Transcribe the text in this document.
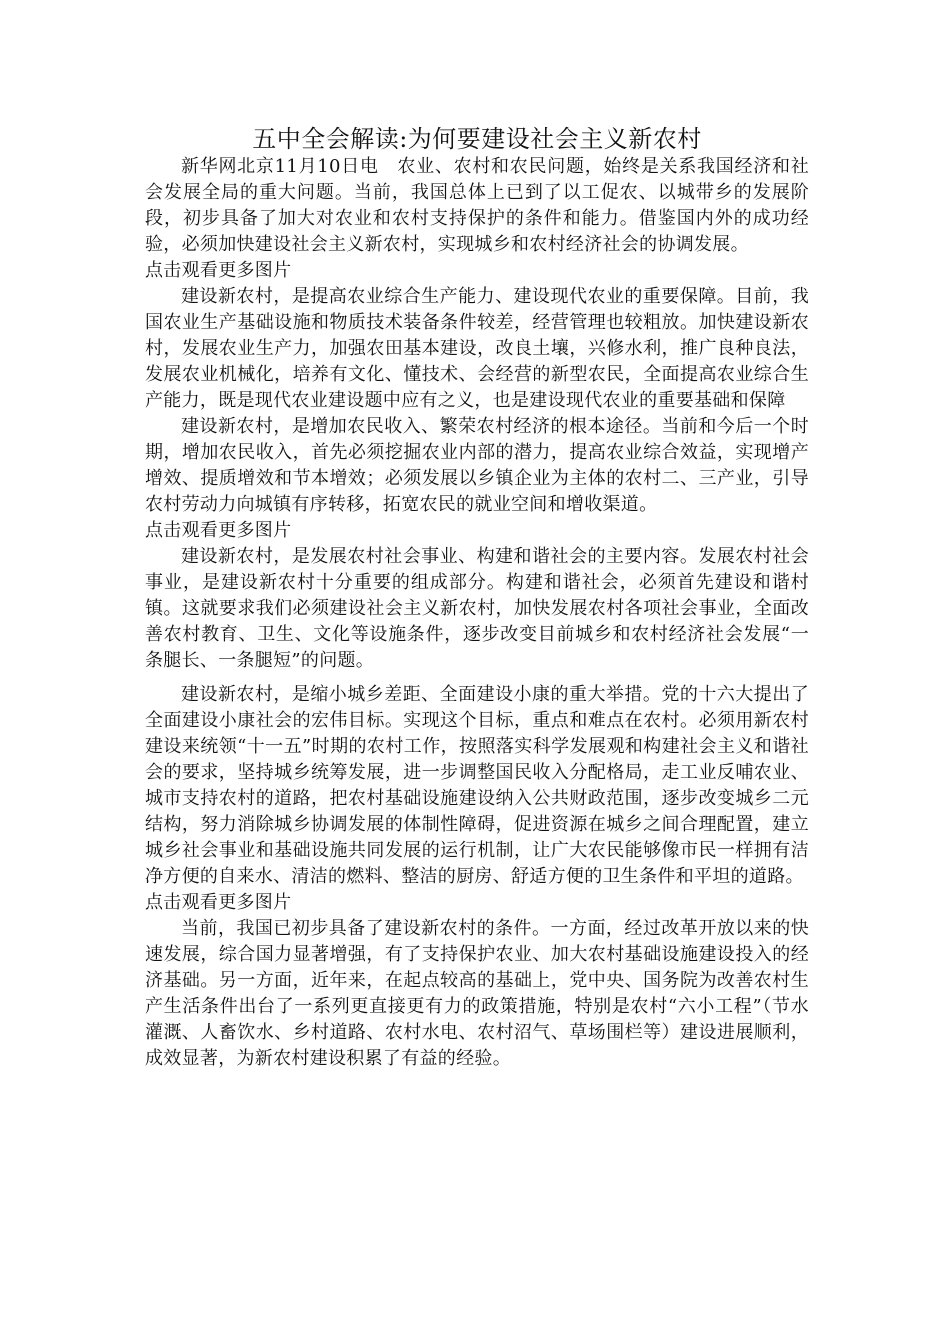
五中全会解读:为何要建设社会主义新农村

新华网北京11月10日电　农业、农村和农民问题，始终是关系我国经济和社会发展全局的重大问题。当前，我国总体上已到了以工促农、以城带乡的发展阶段，初步具备了加大对农业和农村支持保护的条件和能力。借鉴国内外的成功经验，必须加快建设社会主义新农村，实现城乡和农村经济社会的协调发展。

点击观看更多图片

建设新农村，是提高农业综合生产能力、建设现代农业的重要保障。目前，我国农业生产基础设施和物质技术装备条件较差，经营管理也较粗放。加快建设新农村，发展农业生产力，加强农田基本建设，改良土壤，兴修水利，推广良种良法，发展农业机械化，培养有文化、懂技术、会经营的新型农民，全面提高农业综合生产能力，既是现代农业建设题中应有之义，也是建设现代农业的重要基础和保障

建设新农村，是增加农民收入、繁荣农村经济的根本途径。当前和今后一个时期，增加农民收入，首先必须挖掘农业内部的潜力，提高农业综合效益，实现增产增效、提质增效和节本增效；必须发展以乡镇企业为主体的农村二、三产业，引导农村劳动力向城镇有序转移，拓宽农民的就业空间和增收渠道。

点击观看更多图片

建设新农村，是发展农村社会事业、构建和谐社会的主要内容。发展农村社会事业，是建设新农村十分重要的组成部分。构建和谐社会，必须首先建设和谐村镇。这就要求我们必须建设社会主义新农村，加快发展农村各项社会事业，全面改善农村教育、卫生、文化等设施条件，逐步改变目前城乡和农村经济社会发展“一条腿长、一条腿短”的问题。

建设新农村，是缩小城乡差距、全面建设小康的重大举措。党的十六大提出了全面建设小康社会的宏伟目标。实现这个目标，重点和难点在农村。必须用新农村建设来统领“十一五”时期的农村工作，按照落实科学发展观和构建社会主义和谐社会的要求，坚持城乡统筹发展，进一步调整国民收入分配格局，走工业反哺农业、城市支持农村的道路，把农村基础设施建设纳入公共财政范围，逐步改变城乡二元结构，努力消除城乡协调发展的体制性障碍，促进资源在城乡之间合理配置，建立城乡社会事业和基础设施共同发展的运行机制，让广大农民能够像市民一样拥有洁净方便的自来水、清洁的燃料、整洁的厨房、舒适方便的卫生条件和平坦的道路。

点击观看更多图片

当前，我国已初步具备了建设新农村的条件。一方面，经过改革开放以来的快速发展，综合国力显著增强，有了支持保护农业、加大农村基础设施建设投入的经济基础。另一方面，近年来，在起点较高的基础上，党中央、国务院为改善农村生产生活条件出台了一系列更直接更有力的政策措施，特别是农村“六小工程”（节水灌溉、人畜饮水、乡村道路、农村水电、农村沼气、草场围栏等）建设进展顺利，成效显著，为新农村建设积累了有益的经验。
